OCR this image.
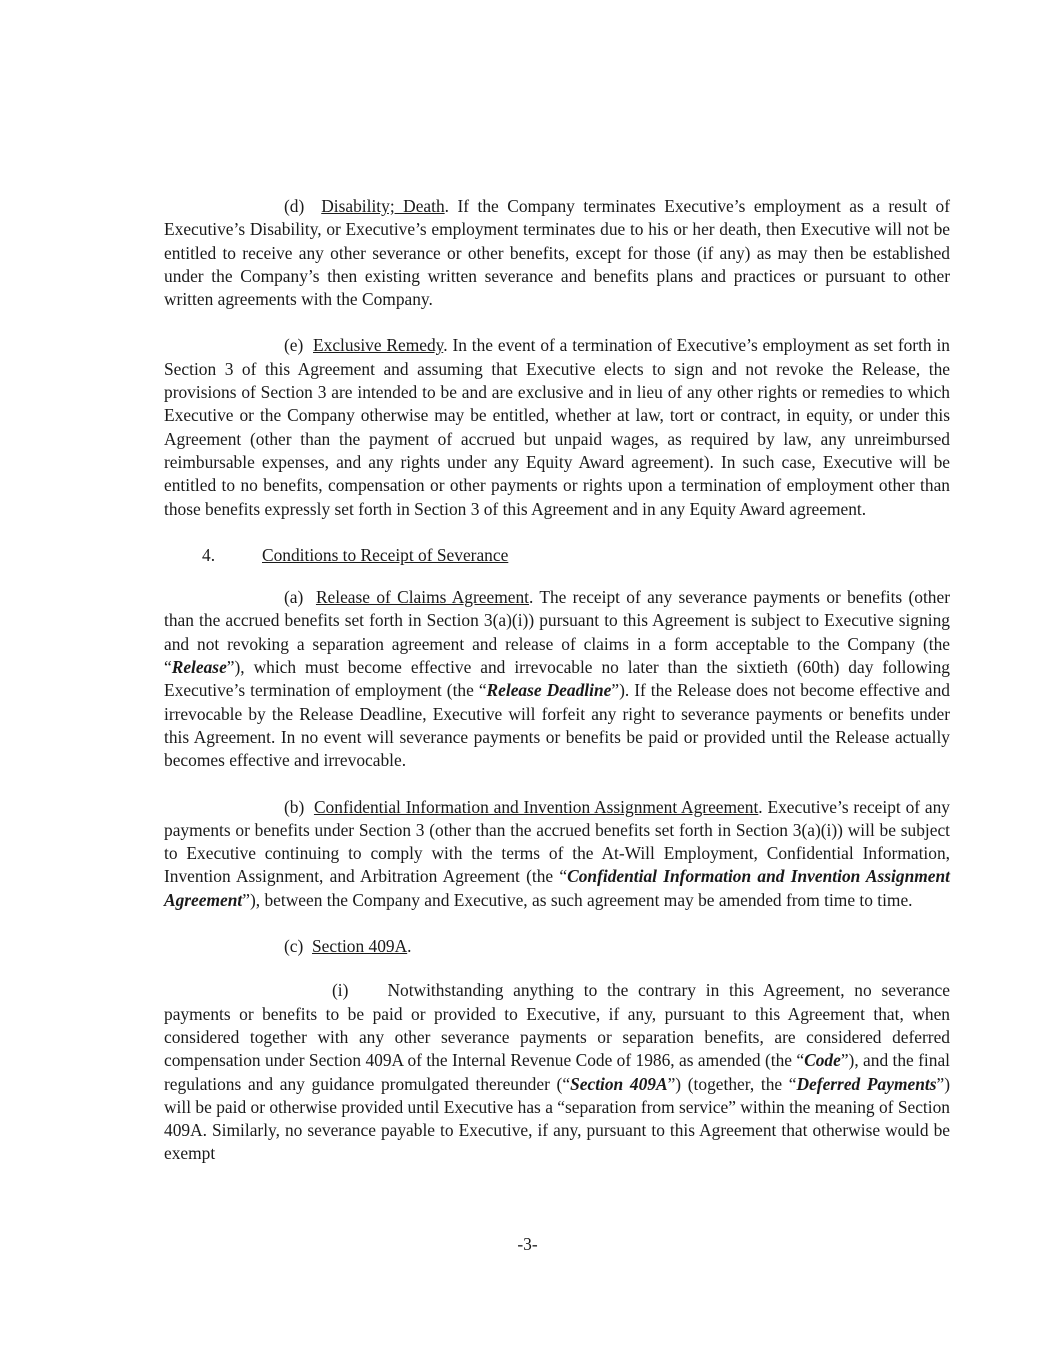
(d) Disability; Death. If the Company terminates Executive’s employment as a result of Executive’s Disability, or Executive’s employment terminates due to his or her death, then Executive will not be entitled to receive any other severance or other benefits, except for those (if any) as may then be established under the Company’s then existing written severance and benefits plans and practices or pursuant to other written agreements with the Company.

(e) Exclusive Remedy. In the event of a termination of Executive’s employment as set forth in Section 3 of this Agreement and assuming that Executive elects to sign and not revoke the Release, the provisions of Section 3 are intended to be and are exclusive and in lieu of any other rights or remedies to which Executive or the Company otherwise may be entitled, whether at law, tort or contract, in equity, or under this Agreement (other than the payment of accrued but unpaid wages, as required by law, any unreimbursed reimbursable expenses, and any rights under any Equity Award agreement). In such case, Executive will be entitled to no benefits, compensation or other payments or rights upon a termination of employment other than those benefits expressly set forth in Section 3 of this Agreement and in any Equity Award agreement.

4.	Conditions to Receipt of Severance

(a) Release of Claims Agreement. The receipt of any severance payments or benefits (other than the accrued benefits set forth in Section 3(a)(i)) pursuant to this Agreement is subject to Executive signing and not revoking a separation agreement and release of claims in a form acceptable to the Company (the “Release”), which must become effective and irrevocable no later than the sixtieth (60th) day following Executive’s termination of employment (the “Release Deadline”). If the Release does not become effective and irrevocable by the Release Deadline, Executive will forfeit any right to severance payments or benefits under this Agreement. In no event will severance payments or benefits be paid or provided until the Release actually becomes effective and irrevocable.

(b) Confidential Information and Invention Assignment Agreement. Executive’s receipt of any payments or benefits under Section 3 (other than the accrued benefits set forth in Section 3(a)(i)) will be subject to Executive continuing to comply with the terms of the At-Will Employment, Confidential Information, Invention Assignment, and Arbitration Agreement (the “Confidential Information and Invention Assignment Agreement”), between the Company and Executive, as such agreement may be amended from time to time.

(c) Section 409A.

(i) Notwithstanding anything to the contrary in this Agreement, no severance payments or benefits to be paid or provided to Executive, if any, pursuant to this Agreement that, when considered together with any other severance payments or separation benefits, are considered deferred compensation under Section 409A of the Internal Revenue Code of 1986, as amended (the “Code”), and the final regulations and any guidance promulgated thereunder (“Section 409A”) (together, the “Deferred Payments”) will be paid or otherwise provided until Executive has a “separation from service” within the meaning of Section 409A. Similarly, no severance payable to Executive, if any, pursuant to this Agreement that otherwise would be exempt

-3-
